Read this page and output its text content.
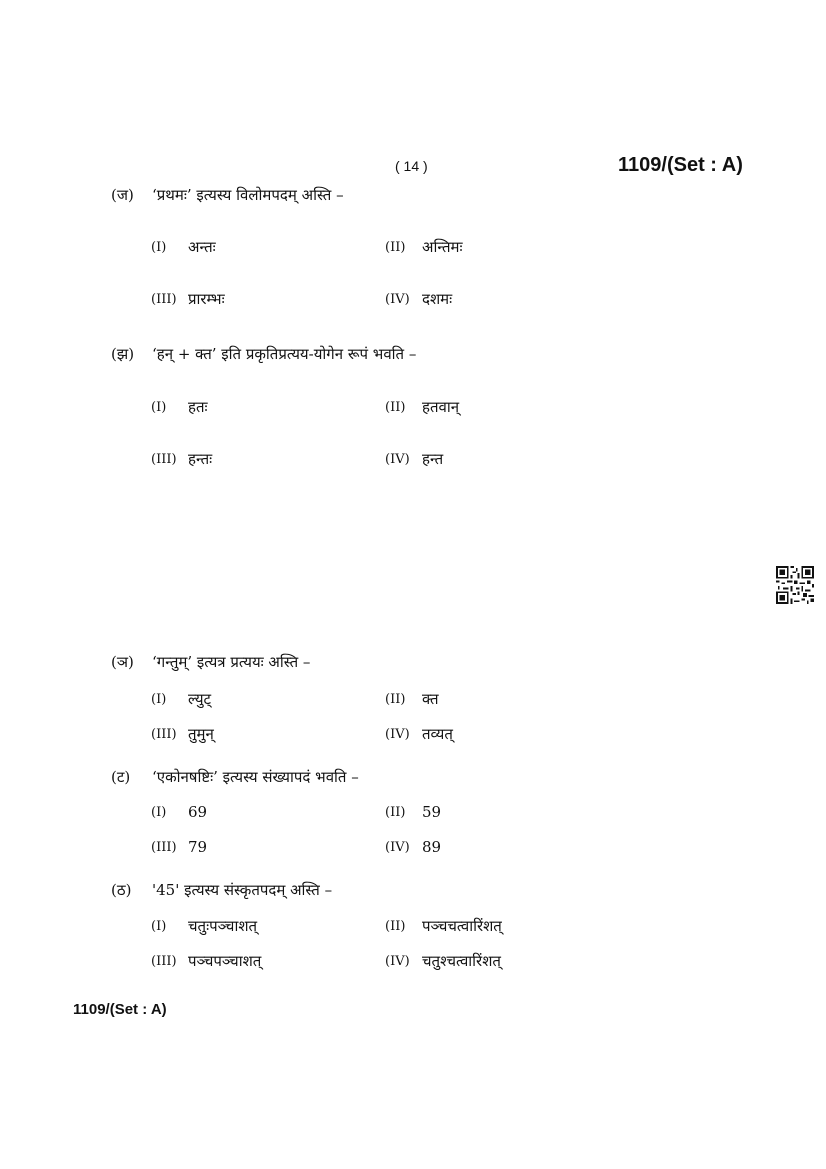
( 14 )	1109/(Set : A)
(ज) ‘प्रथमः’ इत्यस्य विलोमपदम् अस्ति –
(I) अन्तः	(II) अन्तिमः
(III) प्रारम्भः	(IV) दशमः
(झ) ‘हन् + क्त’ इति प्रकृतिप्रत्यय-योगेन रूपं भवति –
(I) हतः	(II) हतवान्
(III) हन्तः	(IV) हन्त
(ञ) ‘गन्तुम्’ इत्यत्र प्रत्ययः अस्ति –
(I) ल्युट्	(II) क्त
(III) तुमुन्	(IV) तव्यत्
(ट) ‘एकोनषष्टिः’ इत्यस्य संख्यापदं भवति –
(I) 69	(II) 59
(III) 79	(IV) 89
(ठ) '45' इत्यस्य संस्कृतपदम् अस्ति –
(I) चतुःपञ्चाशत्	(II) पञ्चचत्वारिंशत्
(III) पञ्चपञ्चाशत्	(IV) चतुश्चत्वारिंशत्
1109/(Set : A)
